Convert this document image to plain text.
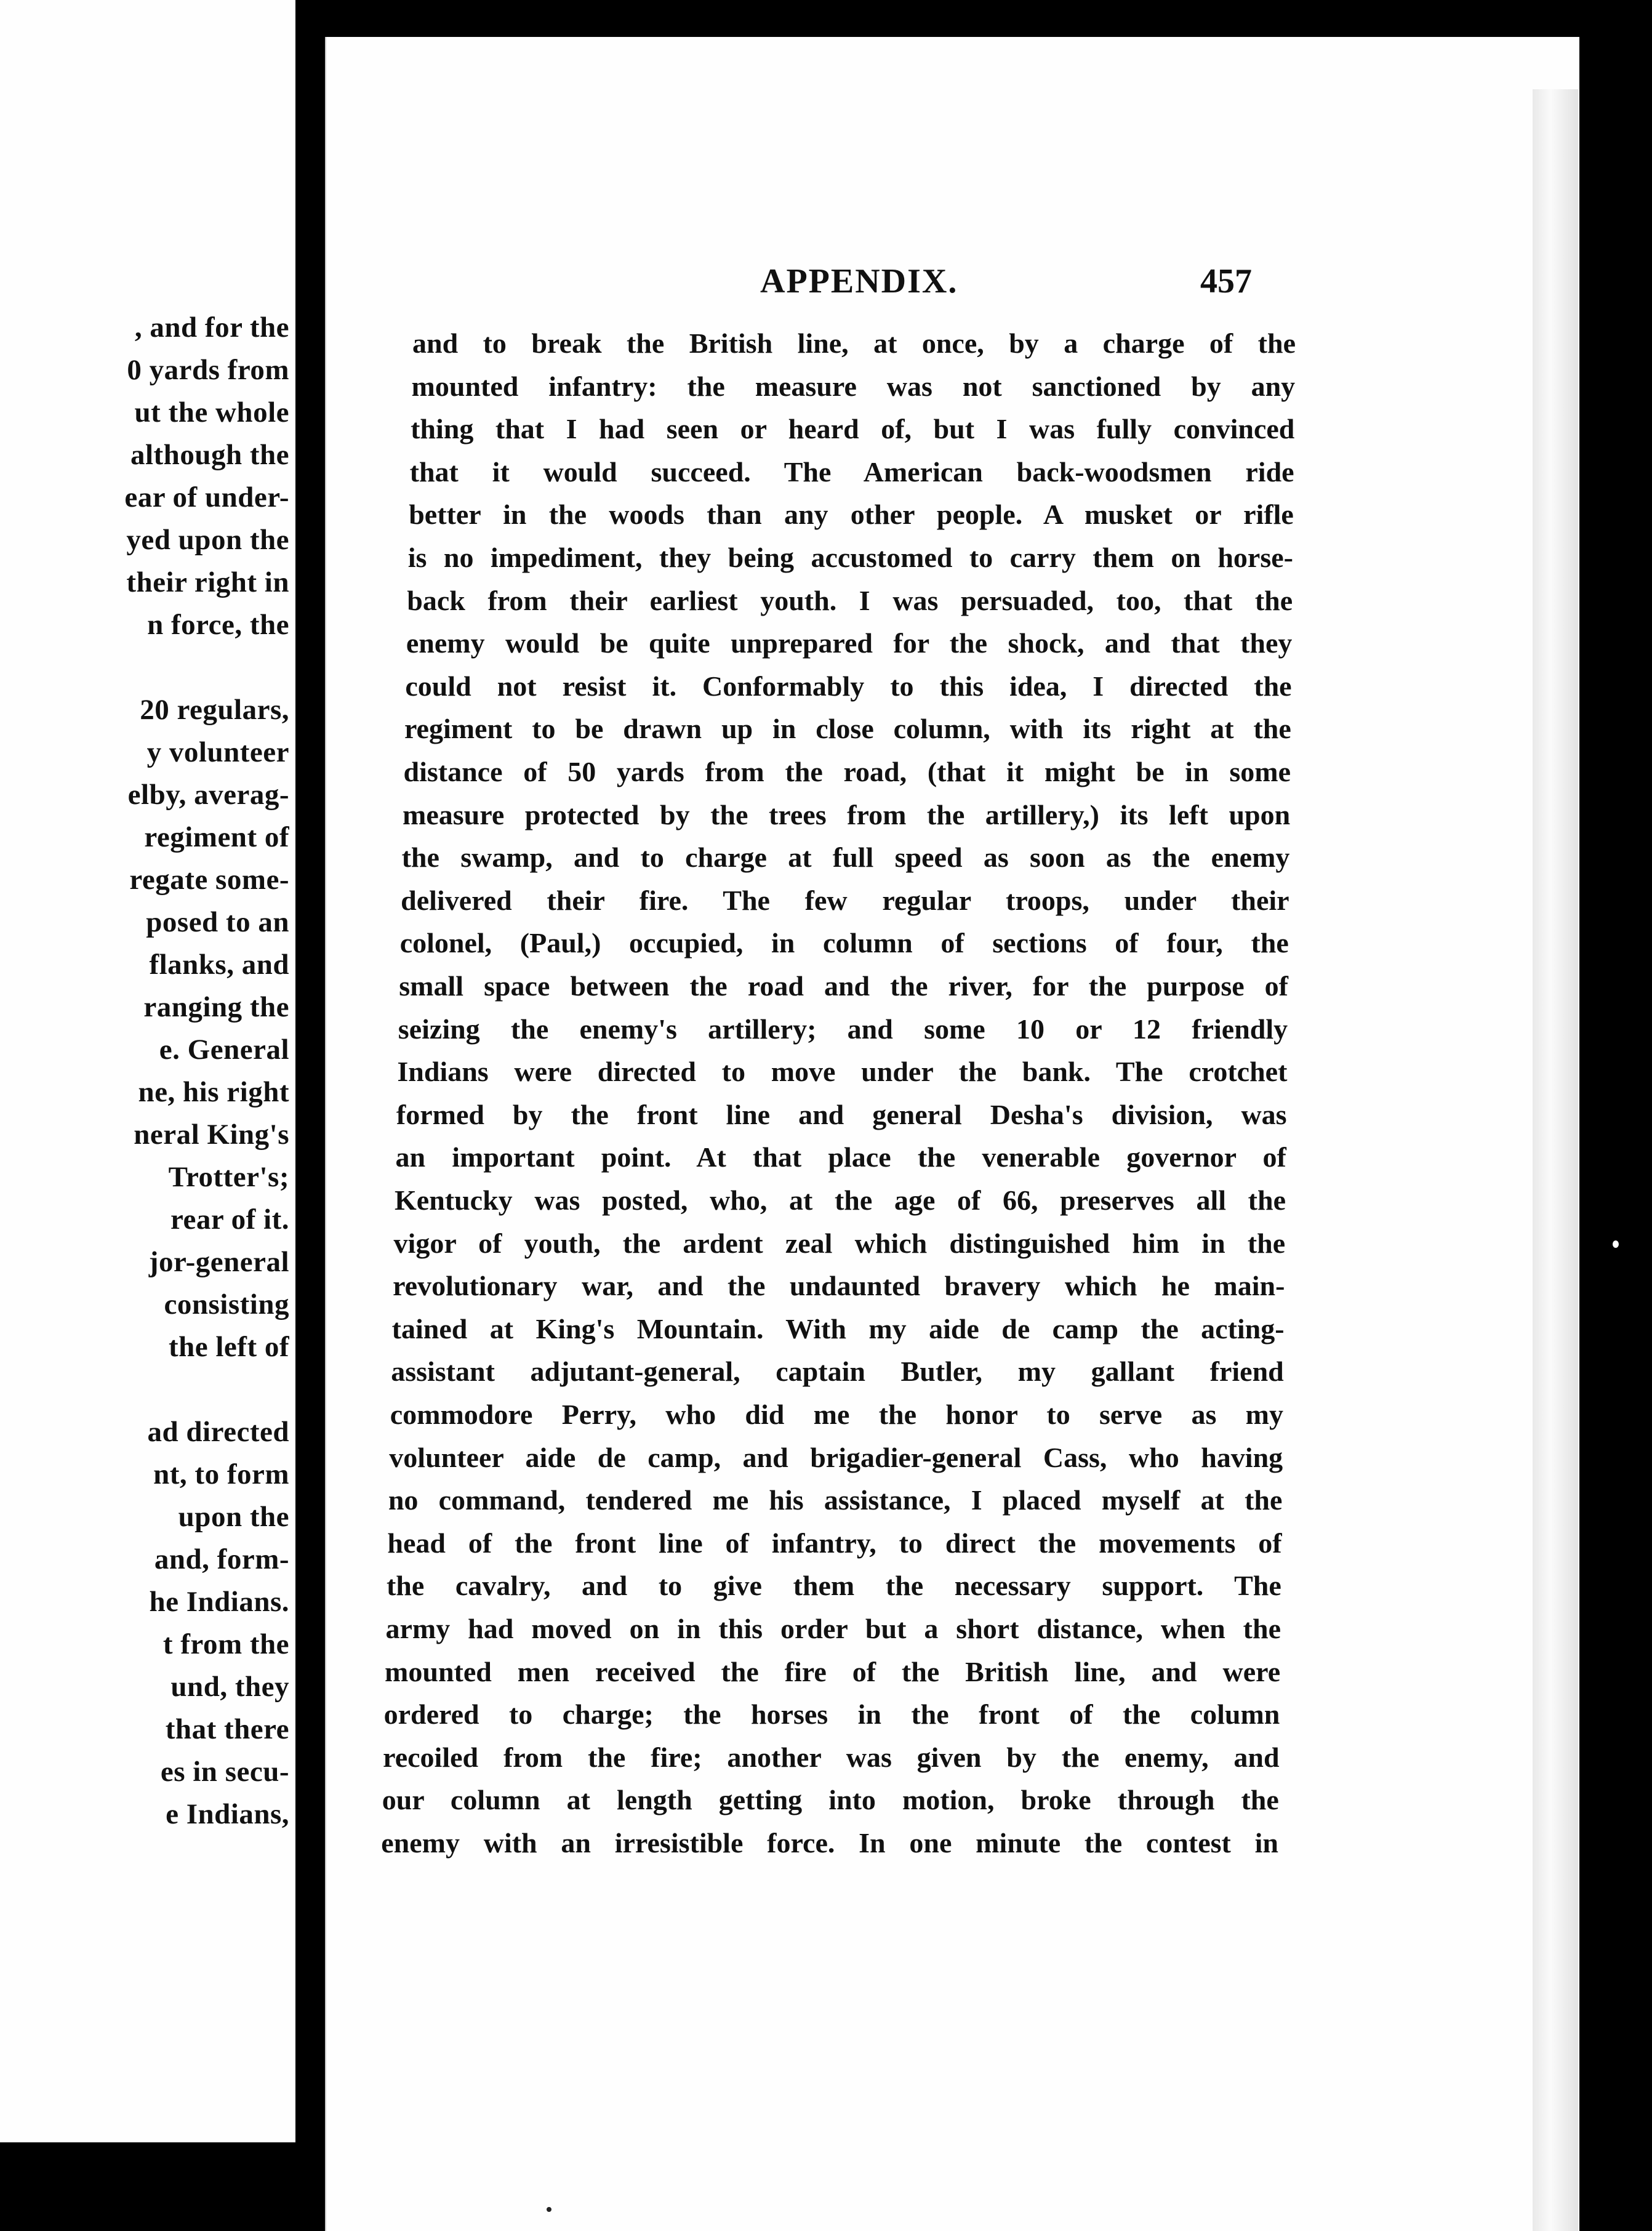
, and for the
0 yards from
ut the whole
although the
ear of under-
yed upon the
their right in
n force, the
20 regulars,
y volunteer
elby, averag-
regiment of
regate some-
posed to an
flanks, and
ranging the
e. General
ne, his right
neral King's
Trotter's;
rear of it.
jor-general
consisting
the left of
ad directed
nt, to form
upon the
and, form-
he Indians.
t from the
und, they
that there
es in secu-
e Indians,
APPENDIX.	457
and to break the British line, at once, by a charge of the
mounted infantry: the measure was not sanctioned by any
thing that I had seen or heard of, but I was fully convinced
that it would succeed. The American back-woodsmen ride
better in the woods than any other people. A musket or rifle
is no impediment, they being accustomed to carry them on horse-
back from their earliest youth. I was persuaded, too, that the
enemy would be quite unprepared for the shock, and that they
could not resist it. Conformably to this idea, I directed the
regiment to be drawn up in close column, with its right at the
distance of 50 yards from the road, (that it might be in some
measure protected by the trees from the artillery,) its left upon
the swamp, and to charge at full speed as soon as the enemy
delivered their fire. The few regular troops, under their
colonel, (Paul,) occupied, in column of sections of four, the
small space between the road and the river, for the purpose of
seizing the enemy's artillery; and some 10 or 12 friendly
Indians were directed to move under the bank. The crotchet
formed by the front line and general Desha's division, was
an important point. At that place the venerable governor of
Kentucky was posted, who, at the age of 66, preserves all the
vigor of youth, the ardent zeal which distinguished him in the
revolutionary war, and the undaunted bravery which he main-
tained at King's Mountain. With my aide de camp the acting-
assistant adjutant-general, captain Butler, my gallant friend
commodore Perry, who did me the honor to serve as my
volunteer aide de camp, and brigadier-general Cass, who having
no command, tendered me his assistance, I placed myself at the
head of the front line of infantry, to direct the movements of
the cavalry, and to give them the necessary support. The
army had moved on in this order but a short distance, when the
mounted men received the fire of the British line, and were
ordered to charge; the horses in the front of the column
recoiled from the fire; another was given by the enemy, and
our column at length getting into motion, broke through the
enemy with an irresistible force. In one minute the contest in
